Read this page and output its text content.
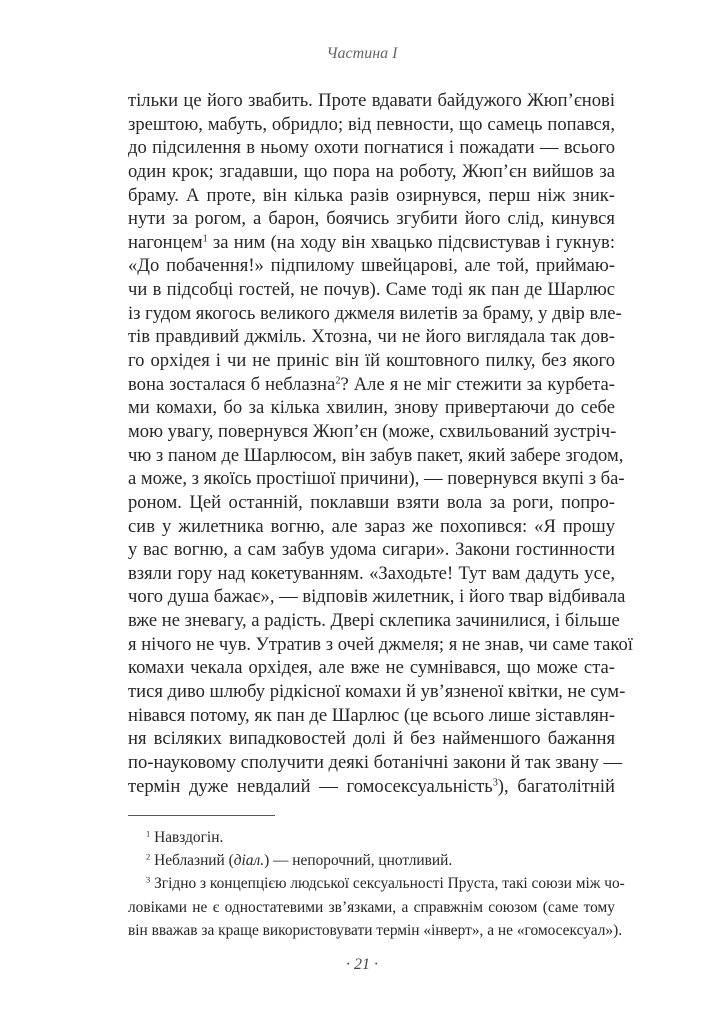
Частина I
тільки це його звабить. Проте вдавати байдужого Жюп’єнові
зрештою, мабуть, обридло; від певности, що самець попався,
до підсилення в ньому охоти погнатися і пожадати — всього
один крок; згадавши, що пора на роботу, Жюп’єн вийшов за
браму. А проте, він кілька разів озирнувся, перш ніж зник-
нути за рогом, а барон, боячись згубити його слід, кинувся
нагонцем$^1$ за ним (на ходу він хвацько підсвистував і гукнув:
«До побачення!» підпилому швейцарові, але той, приймаю-
чи в підсобці гостей, не почув). Саме тоді як пан де Шарлюс
із гудом якогось великого джмеля вилетів за браму, у двір вле-
тів правдивий джміль. Хтозна, чи не його виглядала так дов-
го орхідея і чи не приніс він їй коштовного пилку, без якого
вона зосталася б неблазна$^2$? Але я не міг стежити за курбета-
ми комахи, бо за кілька хвилин, знову привертаючи до себе
мою увагу, повернувся Жюп’єн (може, схвильований зустріч-
чю з паном де Шарлюсом, він забув пакет, який забере згодом,
а може, з якоїсь простішої причини), — повернувся вкупі з ба-
роном. Цей останній, поклавши взяти вола за роги, попро-
сив у жилетника вогню, але зараз же похопився: «Я прошу
у вас вогню, а сам забув удома сигари». Закони гостинности
взяли гору над кокетуванням. «Заходьте! Тут вам дадуть усе,
чого душа бажає», — відповів жилетник, і його твар відбивала
вже не зневагу, а радість. Двері склепика зачинилися, і більше
я нічого не чув. Утратив з очей джмеля; я не знав, чи саме такої
комахи чекала орхідея, але вже не сумнівався, що може ста-
тися диво шлюбу рідкісної комахи й ув’язненої квітки, не сум-
нівався потому, як пан де Шарлюс (це всього лише зіставлян-
ня всіляких випадковостей долі й без найменшого бажання
по-науковому сполучити деякі ботанічні закони й так звану —
термін дуже невдалий — гомосексуальність$^3$), багатолітній
$^1$ Навздогін.
$^2$ Неблазний (діал.) — непорочний, цнотливий.
$^3$ Згідно з концепцією людської сексуальності Пруста, такі союзи між чо-
ловіками не є одностатевими зв’язками, а справжнім союзом (саме тому
він вважав за краще використовувати термін «інверт», а не «гомосексуал»).
· 21 ·
